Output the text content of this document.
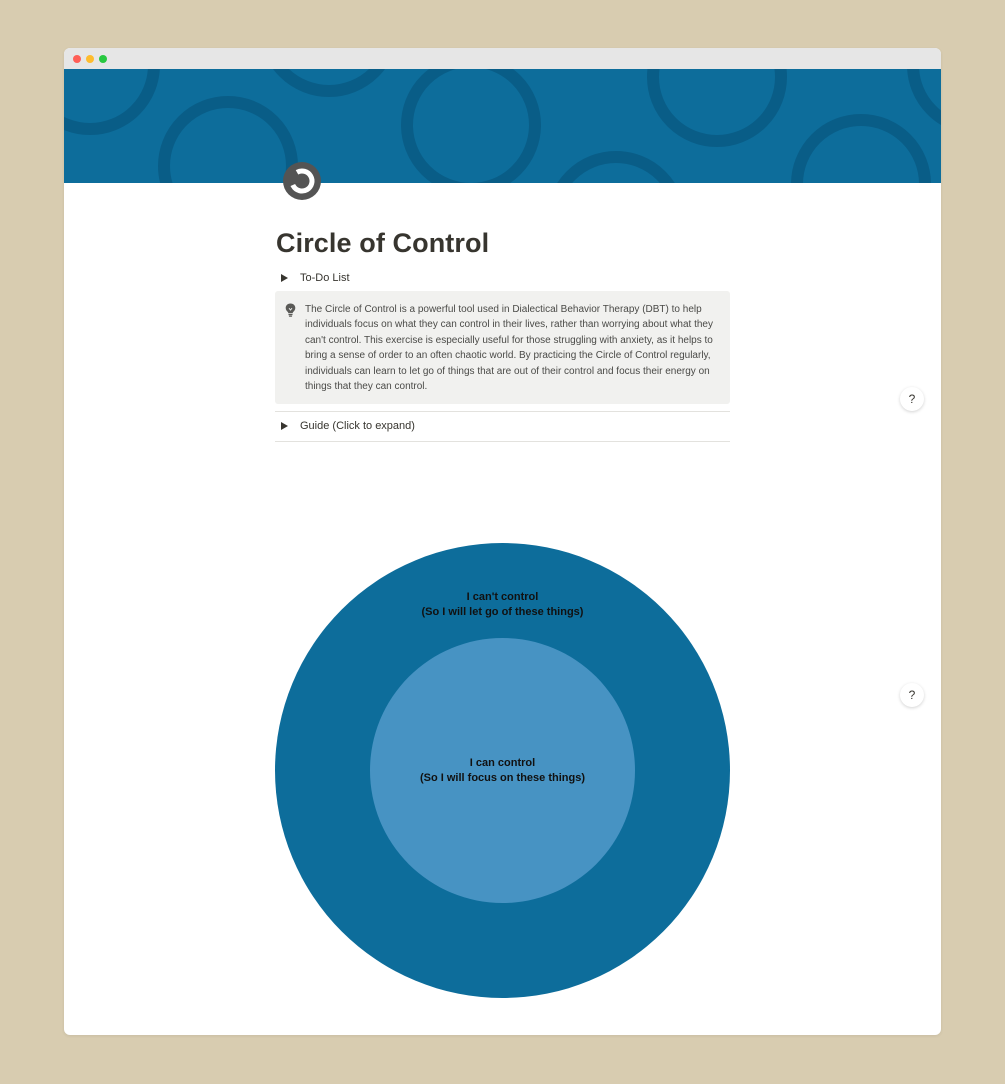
Circle of Control
To-Do List

The Circle of Control is a powerful tool used in Dialectical Behavior Therapy (DBT) to help individuals focus on what they can control in their lives, rather than worrying about what they can't control. This exercise is especially useful for those struggling with anxiety, as it helps to bring a sense of order to an often chaotic world. By practicing the Circle of Control regularly, individuals can learn to let go of things that are out of their control and focus their energy on things that they can control.

Guide (Click to expand)
?
?
I can't control
(So I will let go of these things)
I can control
(So I will focus on these things)
